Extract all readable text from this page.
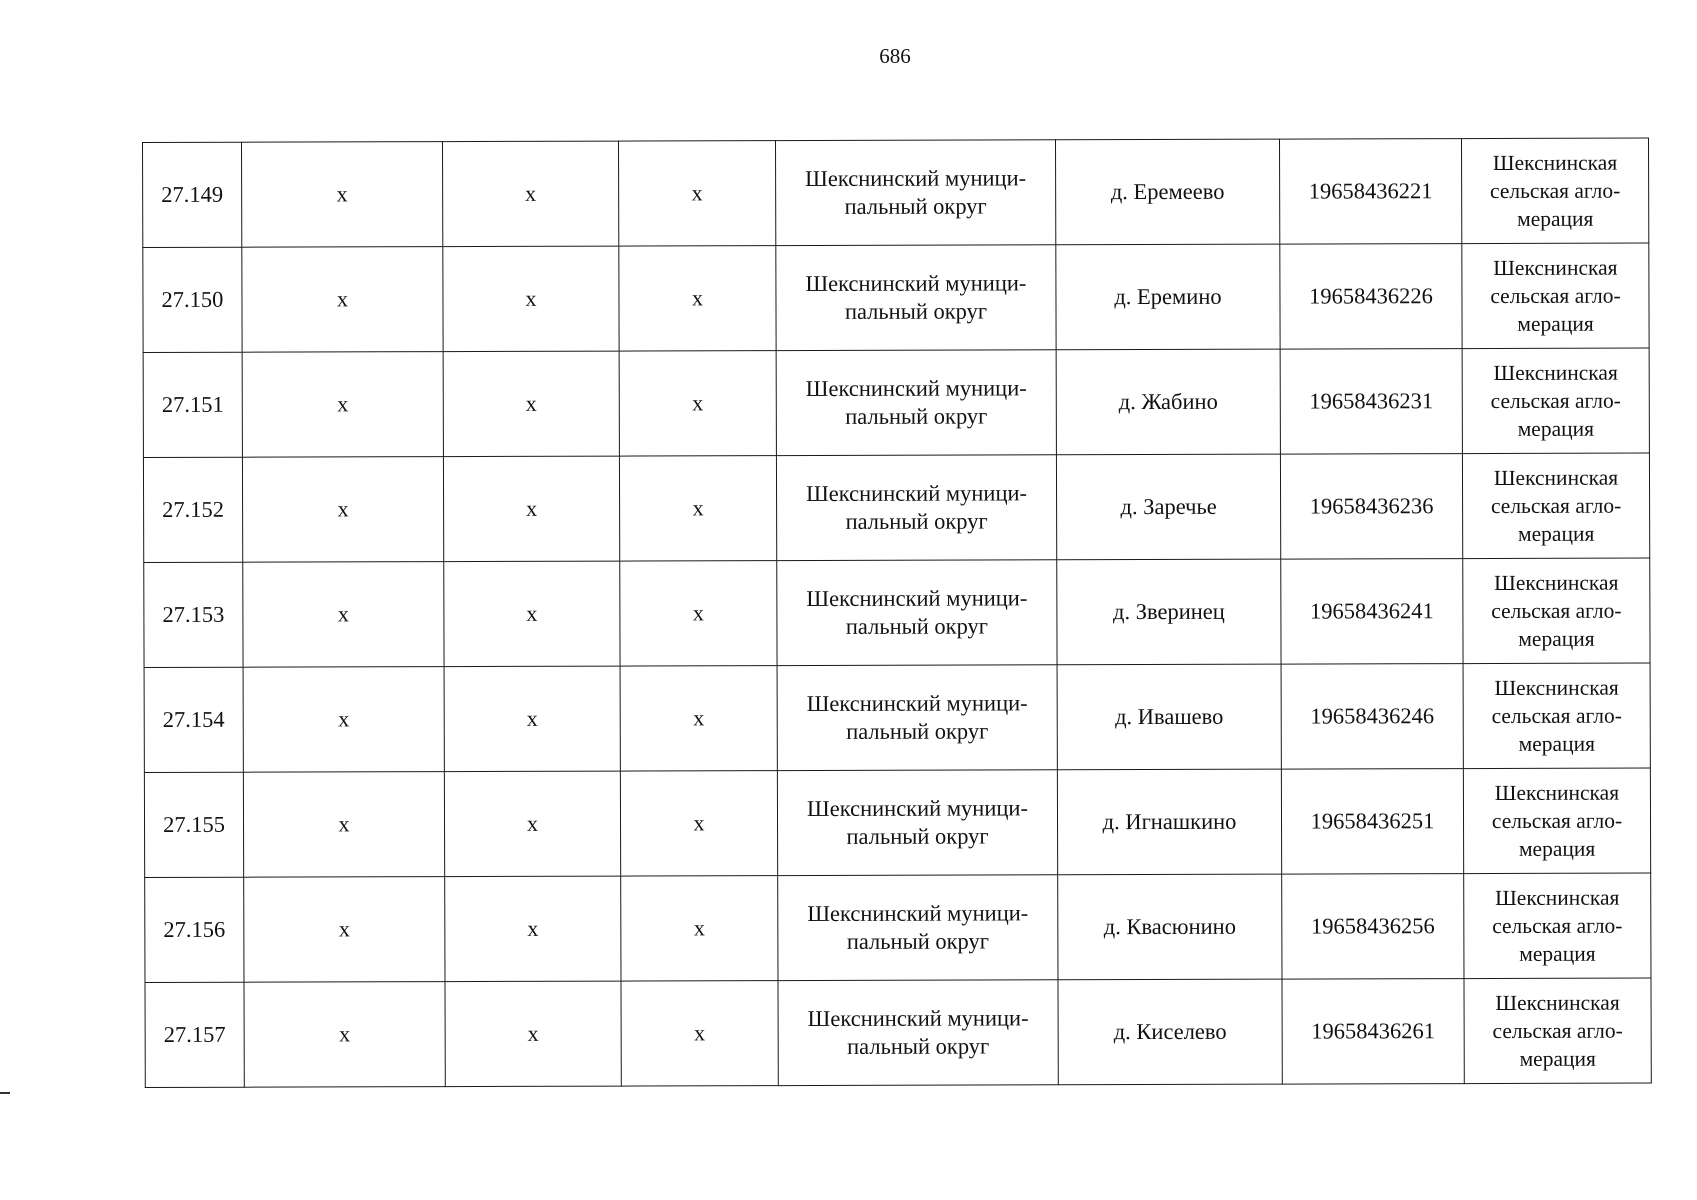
686
27.149	x	x	x	Шекснинский муници-пальный округ	д. Еремеево	19658436221	Шекснинская сельская агло-мерация
27.150	x	x	x	Шекснинский муници-пальный округ	д. Еремино	19658436226	Шекснинская сельская агло-мерация
27.151	x	x	x	Шекснинский муници-пальный округ	д. Жабино	19658436231	Шекснинская сельская агло-мерация
27.152	x	x	x	Шекснинский муници-пальный округ	д. Заречье	19658436236	Шекснинская сельская агло-мерация
27.153	x	x	x	Шекснинский муници-пальный округ	д. Зверинец	19658436241	Шекснинская сельская агло-мерация
27.154	x	x	x	Шекснинский муници-пальный округ	д. Ивашево	19658436246	Шекснинская сельская агло-мерация
27.155	x	x	x	Шекснинский муници-пальный округ	д. Игнашкино	19658436251	Шекснинская сельская агло-мерация
27.156	x	x	x	Шекснинский муници-пальный округ	д. Квасюнино	19658436256	Шекснинская сельская агло-мерация
27.157	x	x	x	Шекснинский муници-пальный округ	д. Киселево	19658436261	Шекснинская сельская агло-мерация
